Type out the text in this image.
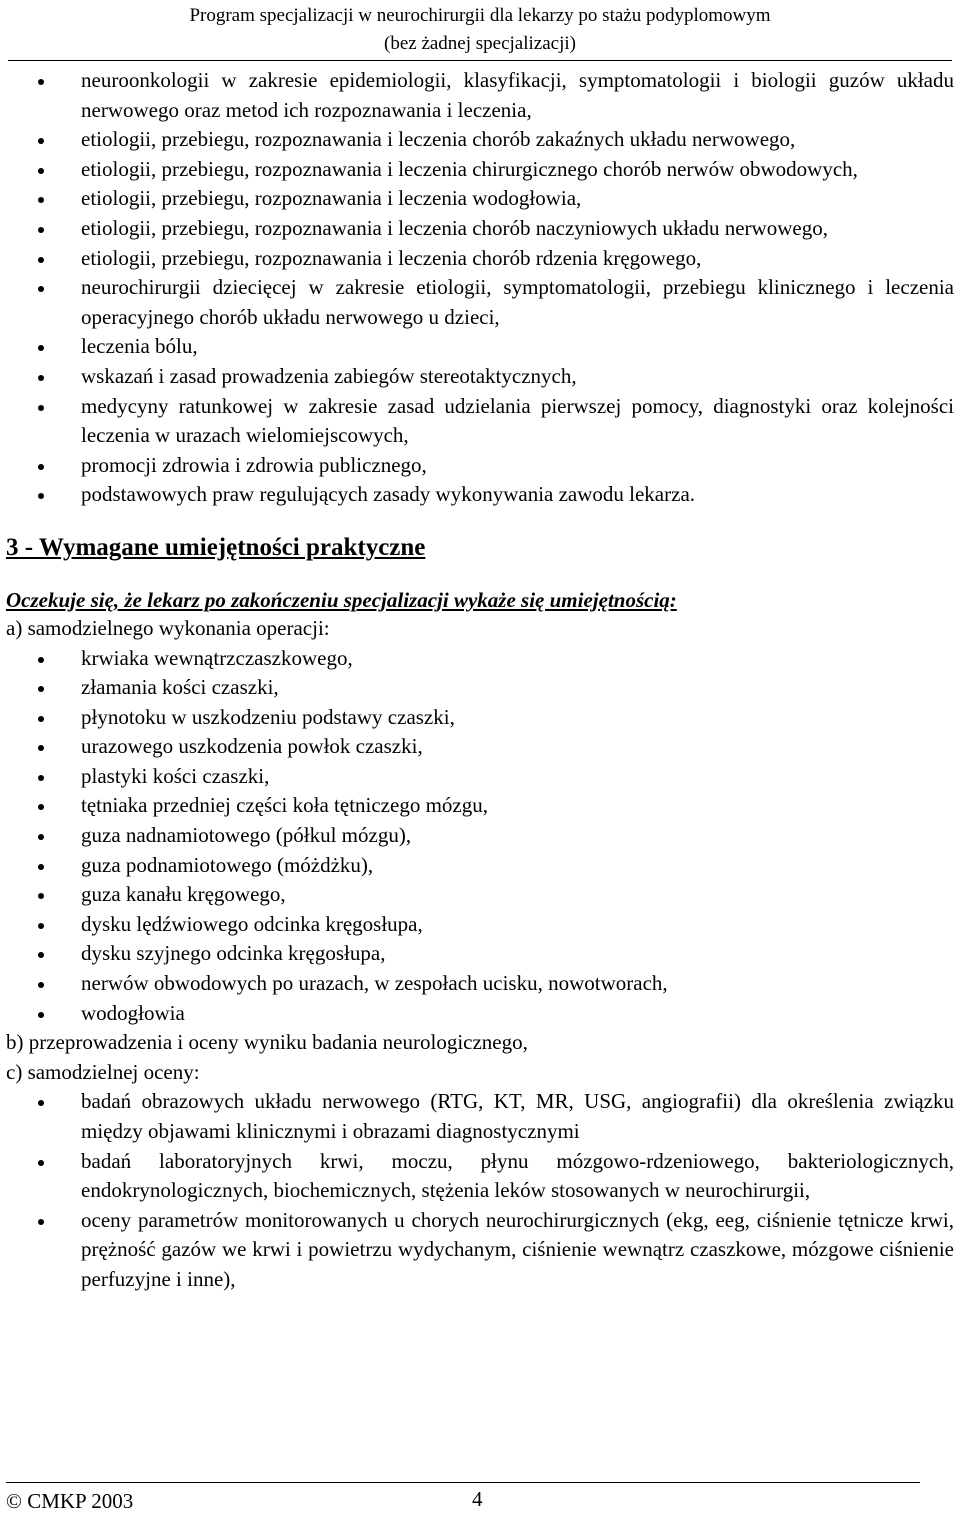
Program specjalizacji w neurochirurgii dla lekarzy po stażu podyplomowym
(bez żadnej specjalizacji)
neuroonkologii w zakresie epidemiologii, klasyfikacji, symptomatologii i biologii guzów układu nerwowego oraz metod ich rozpoznawania i leczenia,
etiologii, przebiegu, rozpoznawania i leczenia chorób zakaźnych układu nerwowego,
etiologii, przebiegu, rozpoznawania i leczenia chirurgicznego chorób nerwów obwodowych,
etiologii, przebiegu, rozpoznawania i leczenia wodogłowia,
etiologii, przebiegu, rozpoznawania i leczenia chorób naczyniowych układu nerwowego,
etiologii, przebiegu, rozpoznawania i leczenia chorób rdzenia kręgowego,
neurochirurgii dziecięcej w zakresie etiologii, symptomatologii, przebiegu klinicznego i leczenia operacyjnego chorób układu nerwowego u dzieci,
leczenia bólu,
wskazań i zasad prowadzenia zabiegów stereotaktycznych,
medycyny ratunkowej w zakresie zasad udzielania pierwszej pomocy, diagnostyki oraz kolejności leczenia w urazach wielomiejscowych,
promocji zdrowia i zdrowia publicznego,
podstawowych praw regulujących zasady wykonywania zawodu lekarza.
3 - Wymagane umiejętności praktyczne
Oczekuje się, że lekarz po zakończeniu specjalizacji wykaże się umiejętnością:
a) samodzielnego wykonania operacji:
krwiaka wewnątrzczaszkowego,
złamania kości czaszki,
płynotoku w uszkodzeniu podstawy czaszki,
urazowego uszkodzenia powłok czaszki,
plastyki kości czaszki,
tętniaka przedniej części koła tętniczego mózgu,
guza nadnamiotowego (półkul mózgu),
guza podnamiotowego (móżdżku),
guza kanału kręgowego,
dysku lędźwiowego odcinka kręgosłupa,
dysku szyjnego odcinka kręgosłupa,
nerwów obwodowych po urazach, w zespołach ucisku, nowotworach,
wodogłowia
b) przeprowadzenia i oceny wyniku badania neurologicznego,
c) samodzielnej oceny:
badań obrazowych układu nerwowego (RTG, KT, MR, USG, angiografii) dla określenia związku między objawami klinicznymi i obrazami diagnostycznymi
badań laboratoryjnych krwi, moczu, płynu mózgowo-rdzeniowego, bakteriologicznych, endokrynologicznych, biochemicznych, stężenia leków stosowanych w neurochirurgii,
oceny parametrów monitorowanych u chorych neurochirurgicznych (ekg, eeg, ciśnienie tętnicze krwi, prężność gazów we krwi i powietrzu wydychanym, ciśnienie wewnątrz czaszkowe, mózgowe ciśnienie perfuzyjne i inne),
© CMKP 2003	4
